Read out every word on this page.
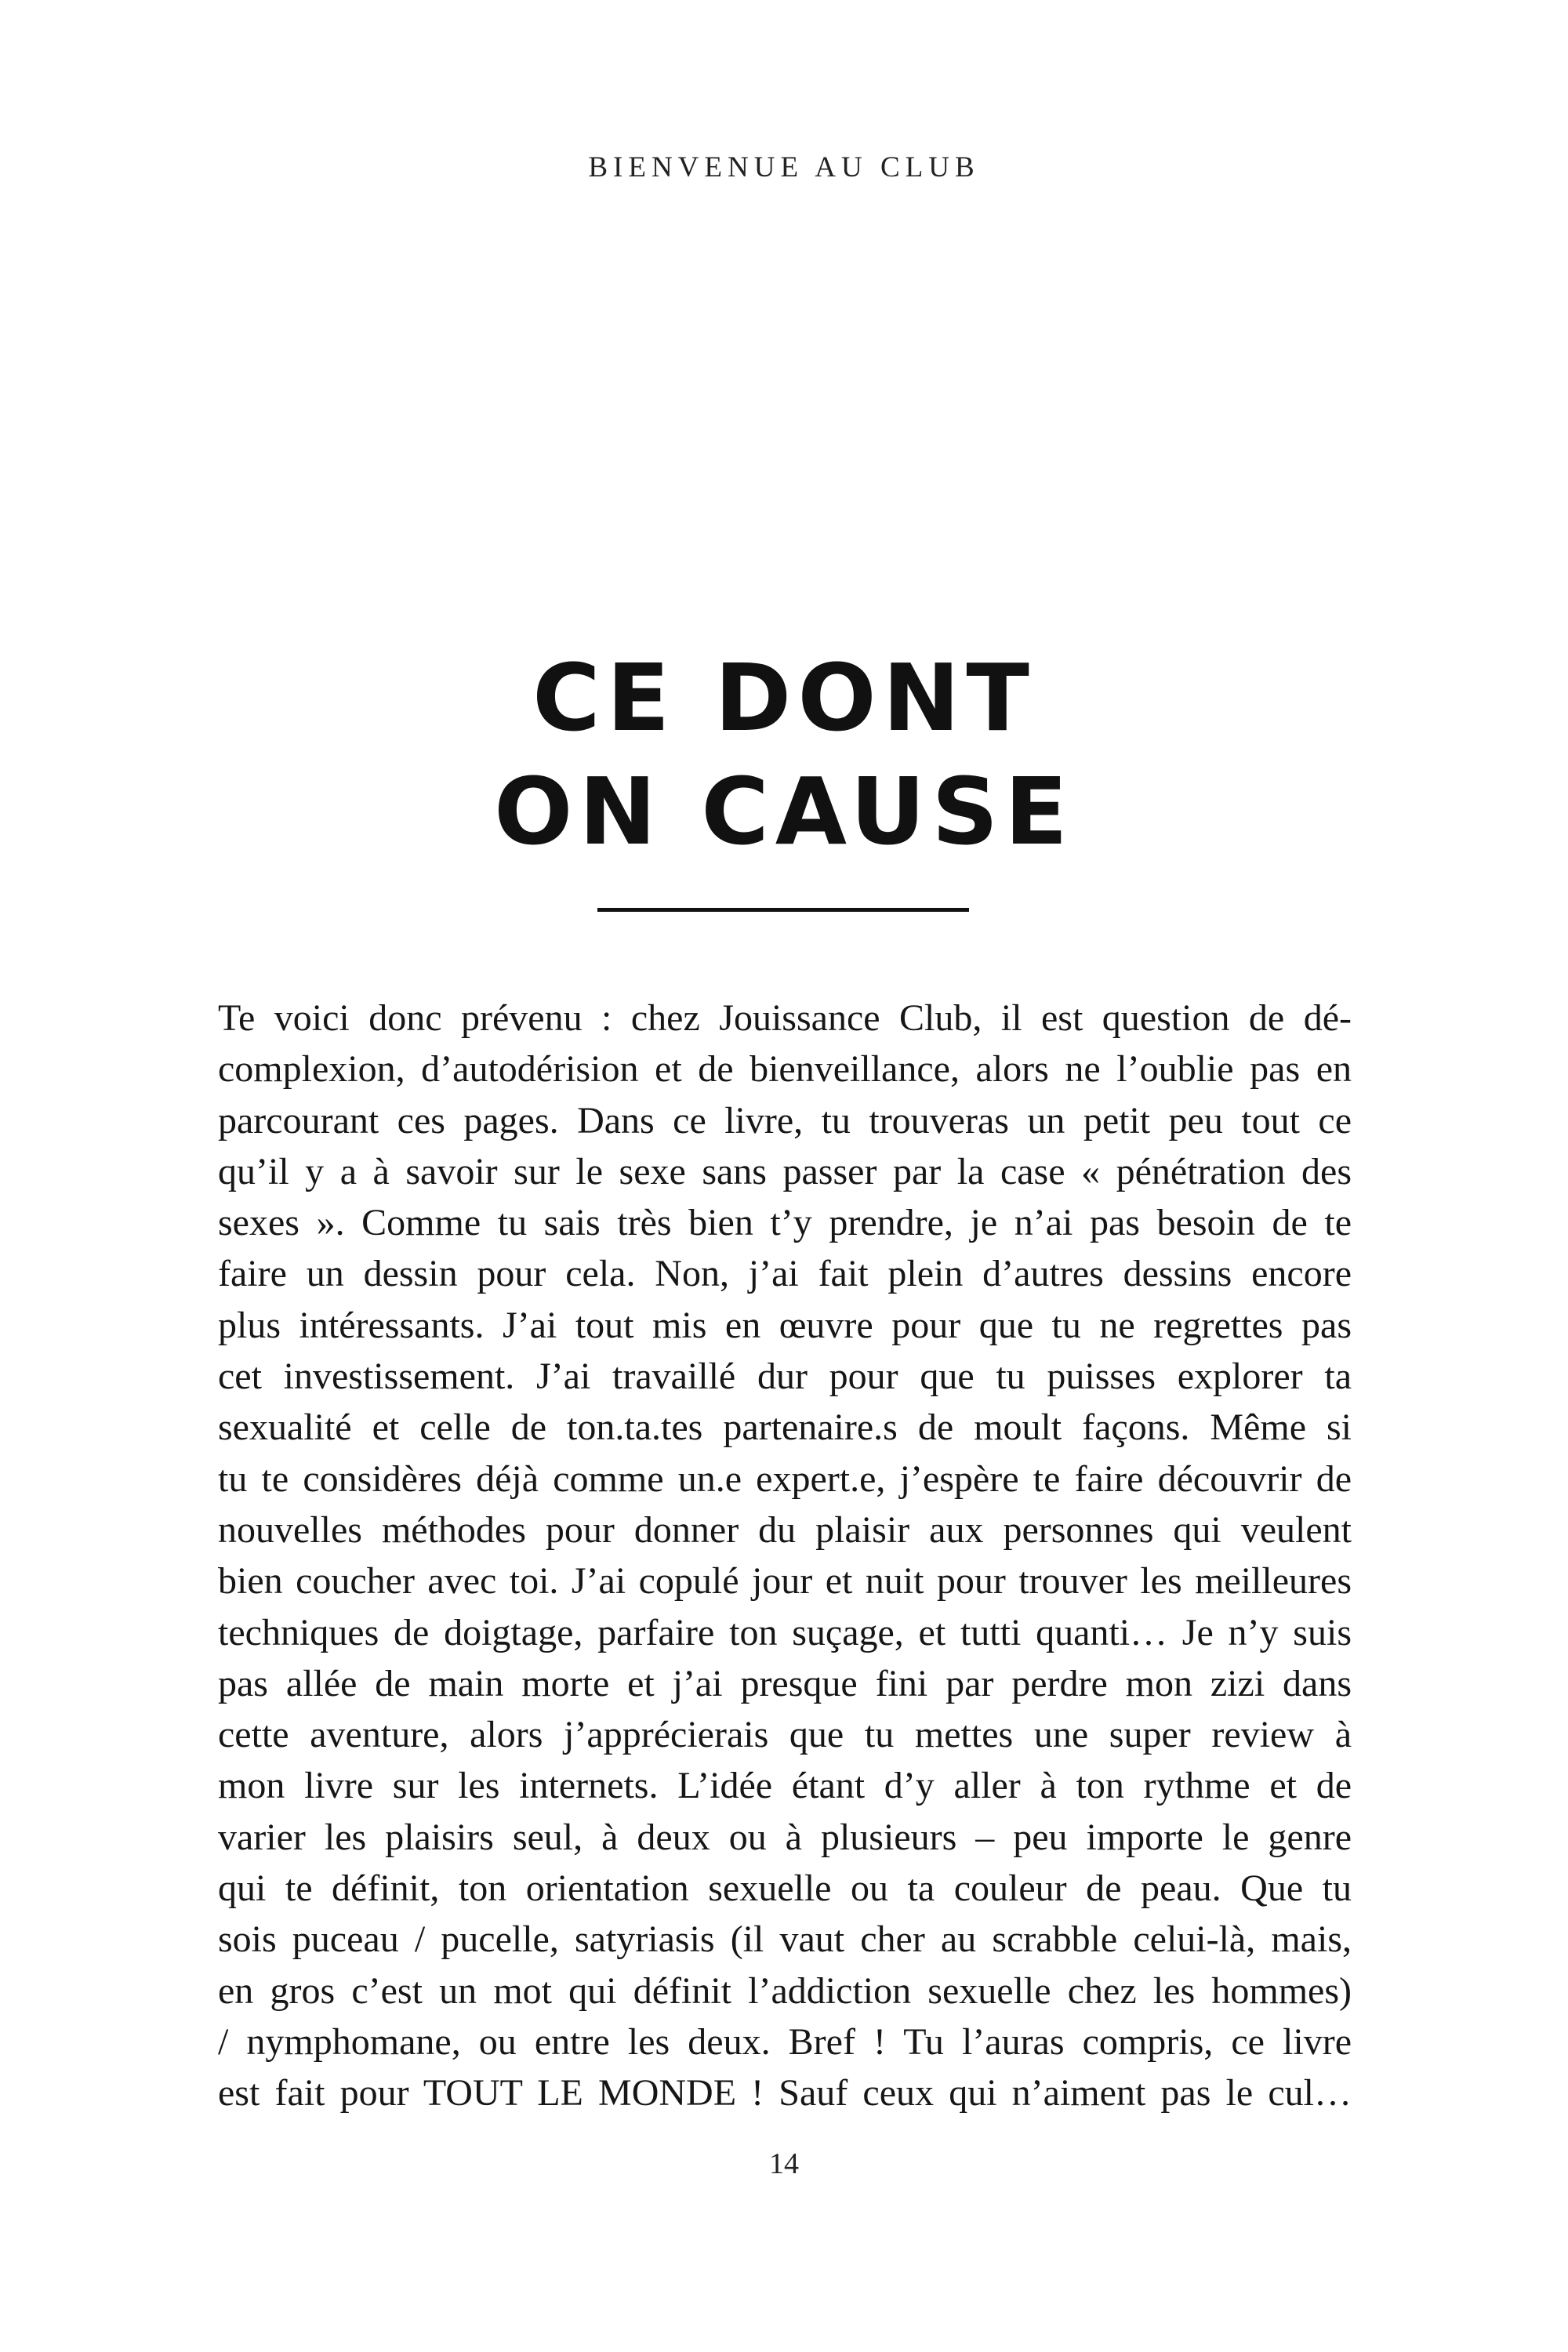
BIENVENUE AU CLUB
CE DONT
ON CAUSE
Te voici donc prévenu : chez Jouissance Club, il est question de dé-
complexion, d’autodérision et de bienveillance, alors ne l’oublie pas en
parcourant ces pages. Dans ce livre, tu trouveras un petit peu tout ce
qu’il y a à savoir sur le sexe sans passer par la case « pénétration des
sexes ». Comme tu sais très bien t’y prendre, je n’ai pas besoin de te
faire un dessin pour cela. Non, j’ai fait plein d’autres dessins encore
plus intéressants. J’ai tout mis en œuvre pour que tu ne regrettes pas
cet investissement. J’ai travaillé dur pour que tu puisses explorer ta
sexualité et celle de ton.ta.tes partenaire.s de moult façons. Même si
tu te considères déjà comme un.e expert.e, j’espère te faire découvrir de
nouvelles méthodes pour donner du plaisir aux personnes qui veulent
bien coucher avec toi. J’ai copulé jour et nuit pour trouver les meilleures
techniques de doigtage, parfaire ton suçage, et tutti quanti… Je n’y suis
pas allée de main morte et j’ai presque fini par perdre mon zizi dans
cette aventure, alors j’apprécierais que tu mettes une super review à
mon livre sur les internets. L’idée étant d’y aller à ton rythme et de
varier les plaisirs seul, à deux ou à plusieurs – peu importe le genre
qui te définit, ton orientation sexuelle ou ta couleur de peau. Que tu
sois puceau / pucelle, satyriasis (il vaut cher au scrabble celui-là, mais,
en gros c’est un mot qui définit l’addiction sexuelle chez les hommes)
/ nymphomane, ou entre les deux. Bref ! Tu l’auras compris, ce livre
est fait pour TOUT LE MONDE ! Sauf ceux qui n’aiment pas le cul…
14
